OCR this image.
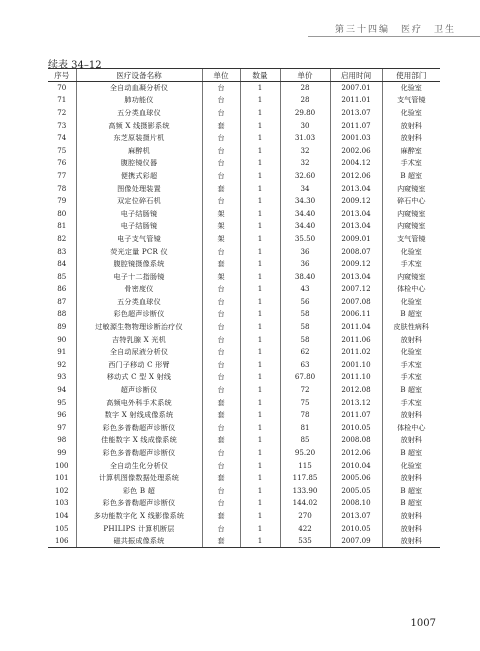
第三十四编　医疗　卫生
续表 34–12
序号	医疗设备名称	单位	数量	单价	启用时间	使用部门
70	全自动血凝分析仪	台	1	28	2007.01	化验室
71	肺功能仪	台	1	28	2011.01	支气管镜
72	五分类血球仪	台	1	29.80	2013.07	化验室
73	高频 X 线摄影系统	套	1	30	2011.07	放射科
74	东芝原装摄片机	台	1	31.03	2001.03	放射科
75	麻醉机	台	1	32	2002.06	麻醉室
76	腹腔镜仪器	台	1	32	2004.12	手术室
77	便携式彩超	台	1	32.60	2012.06	B 超室
78	图像处理装置	套	1	34	2013.04	内窥镜室
79	双定位碎石机	台	1	34.30	2009.12	碎石中心
80	电子结肠镜	架	1	34.40	2013.04	内窥镜室
81	电子结肠镜	架	1	34.40	2013.04	内窥镜室
82	电子支气管镜	架	1	35.50	2009.01	支气管镜
83	荧光定量 PCR 仪	台	1	36	2008.07	化验室
84	腹腔镜摄像系统	套	1	36	2009.12	手术室
85	电子十二指肠镜	架	1	38.40	2013.04	内窥镜室
86	骨密度仪	台	1	43	2007.12	体检中心
87	五分类血球仪	台	1	56	2007.08	化验室
88	彩色超声诊断仪	台	1	58	2006.11	B 超室
89	过敏源生物物理诊断治疗仪	台	1	58	2011.04	皮肤性病科
90	吉特乳腺 X 光机	台	1	58	2011.06	放射科
91	全自动尿液分析仪	台	1	62	2011.02	化验室
92	西门子移动 C 形臂	台	1	63	2001.10	手术室
93	移动式 C 型 X 射线	台	1	67.80	2011.10	手术室
94	超声诊断仪	台	1	72	2012.08	B 超室
95	高频电外科手术系统	套	1	75	2013.12	手术室
96	数字 X 射线成像系统	套	1	78	2011.07	放射科
97	彩色多普勒超声诊断仪	台	1	81	2010.05	体检中心
98	佳能数字 X 线成像系统	套	1	85	2008.08	放射科
99	彩色多普勒超声诊断仪	台	1	95.20	2012.06	B 超室
100	全自动生化分析仪	台	1	115	2010.04	化验室
101	计算机图像数据处理系统	套	1	117.85	2005.06	放射科
102	彩色 B 超	台	1	133.90	2005.05	B 超室
103	彩色多普勒超声诊断仪	台	1	144.02	2008.10	B 超室
104	多功能数字化 X 线影像系统	套	1	270	2013.07	放射科
105	PHILIPS 计算机断层	台	1	422	2010.05	放射科
106	磁共振成像系统	套	1	535	2007.09	放射科
1007
